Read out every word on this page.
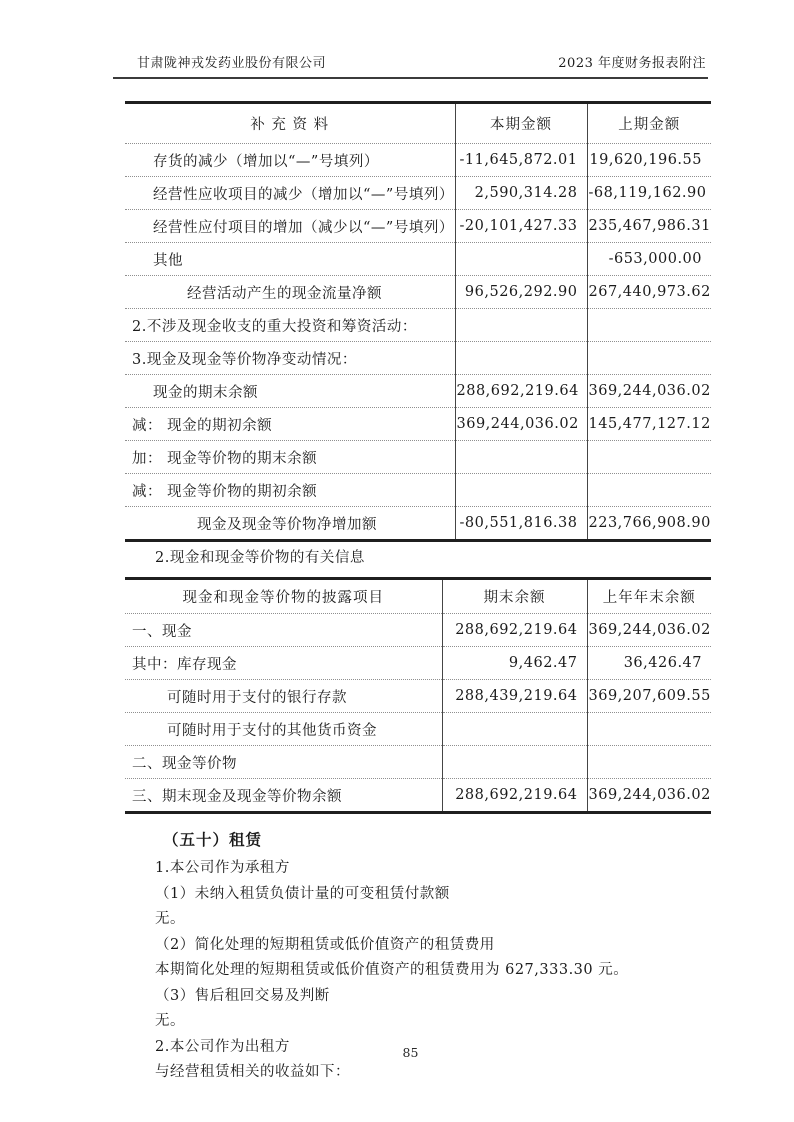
甘肃陇神戎发药业股份有限公司	2023 年度财务报表附注
补 充 资 料	本期金额	上期金额
存货的减少（增加以“—”号填列）	-11,645,872.01	19,620,196.55
经营性应收项目的减少（增加以“—”号填列）	2,590,314.28	-68,119,162.90
经营性应付项目的增加（减少以“—”号填列）	-20,101,427.33	235,467,986.31
其他		-653,000.00
经营活动产生的现金流量净额	96,526,292.90	267,440,973.62
2.不涉及现金收支的重大投资和筹资活动：		
3.现金及现金等价物净变动情况：		
现金的期末余额	288,692,219.64	369,244,036.02
减： 现金的期初余额	369,244,036.02	145,477,127.12
加： 现金等价物的期末余额		
减： 现金等价物的期初余额		
现金及现金等价物净增加额	-80,551,816.38	223,766,908.90
2.现金和现金等价物的有关信息
现金和现金等价物的披露项目	期末余额	上年年末余额
一、现金	288,692,219.64	369,244,036.02
其中：库存现金	9,462.47	36,426.47
可随时用于支付的银行存款	288,439,219.64	369,207,609.55
可随时用于支付的其他货币资金		
二、现金等价物		
三、期末现金及现金等价物余额	288,692,219.64	369,244,036.02
（五十）租赁

1.本公司作为承租方

（1）未纳入租赁负债计量的可变租赁付款额

无。

（2）简化处理的短期租赁或低价值资产的租赁费用

本期简化处理的短期租赁或低价值资产的租赁费用为 627,333.30 元。

（3）售后租回交易及判断

无。

2.本公司作为出租方

与经营租赁相关的收益如下：

85
